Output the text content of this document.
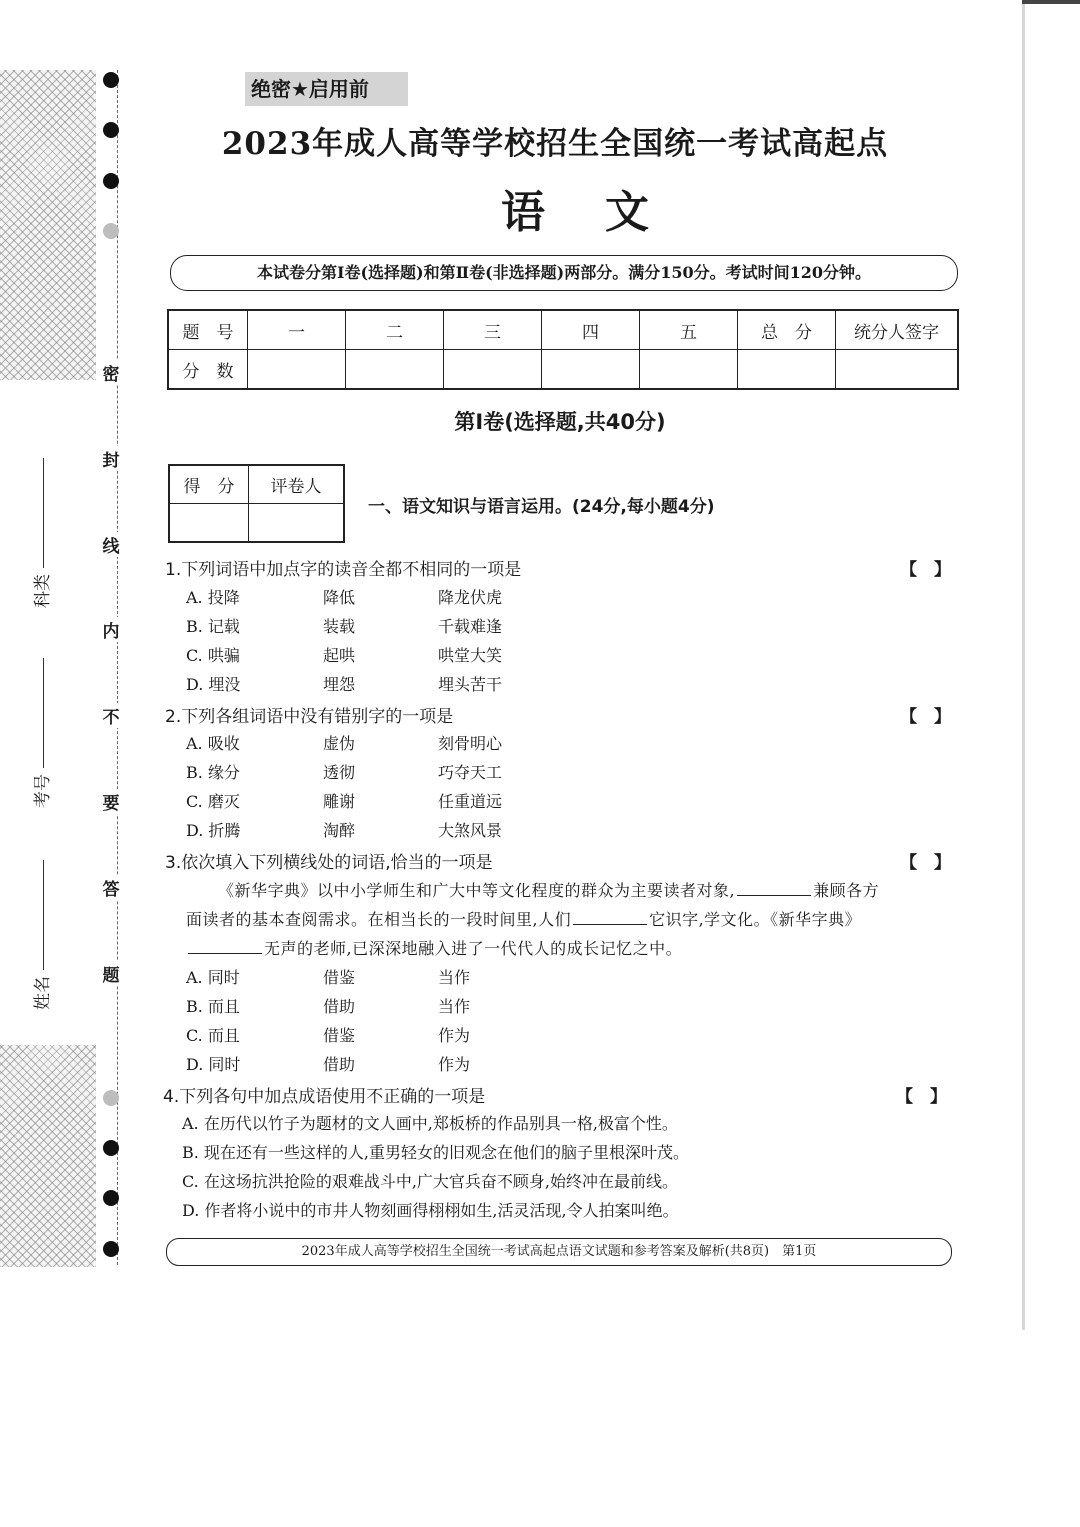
密
封
线
内
不
要
答
题
科类
考号
姓名
绝密★启用前
2023年成人高等学校招生全国统一考试高起点
语文
本试卷分第Ⅰ卷(选择题)和第Ⅱ卷(非选择题)两部分。满分150分。考试时间120分钟。
题　号	一	二	三	四	五	总　分	统分人签字
分　数							
第Ⅰ卷(选择题,共40分)
得　分	评卷人

一、语文知识与语言运用。(24分,每小题4分)
1.下列词语中加点字的读音全都不相同的一项是	【　】
A. 投降	降低	降龙伏虎
B. 记载	装载	千载难逢
C. 哄骗	起哄	哄堂大笑
D. 埋没	埋怨	埋头苦干
2.下列各组词语中没有错别字的一项是	【　】
A. 吸收	虚伪	刻骨明心
B. 缘分	透彻	巧夺天工
C. 磨灭	雕谢	任重道远
D. 折腾	淘醉	大煞风景
3.依次填入下列横线处的词语,恰当的一项是	【　】
《新华字典》以中小学师生和广大中等文化程度的群众为主要读者对象,	兼顾各方
面读者的基本查阅需求。在相当长的一段时间里,人们	它识字,学文化。《新华字典》
无声的老师,已深深地融入进了一代代人的成长记忆之中。
A. 同时	借鉴	当作
B. 而且	借助	当作
C. 而且	借鉴	作为
D. 同时	借助	作为
4.下列各句中加点成语使用不正确的一项是	【　】
A. 在历代以竹子为题材的文人画中,郑板桥的作品别具一格,极富个性。
B. 现在还有一些这样的人,重男轻女的旧观念在他们的脑子里根深叶茂。
C. 在这场抗洪抢险的艰难战斗中,广大官兵奋不顾身,始终冲在最前线。
D. 作者将小说中的市井人物刻画得栩栩如生,活灵活现,令人拍案叫绝。
2023年成人高等学校招生全国统一考试高起点语文试题和参考答案及解析(共8页)　第1页
